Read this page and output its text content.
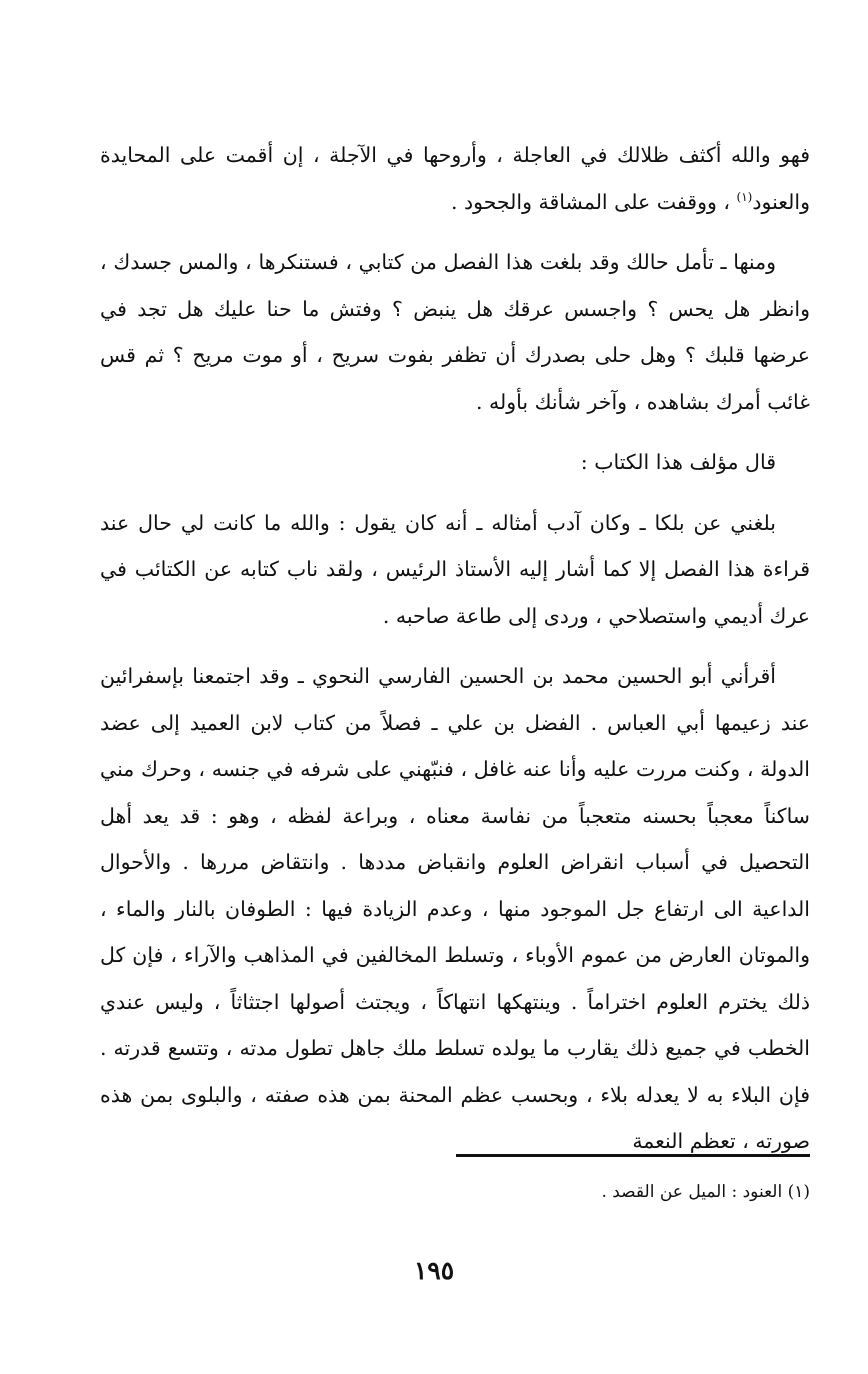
فهو والله أكثف ظلالك في العاجلة ، وأروحها في الآجلة ، إن أقمت على المحايدة والعنود$^{(١)}$ ، ووقفت على المشاقة والجحود .

ومنها ـ تأمل حالك وقد بلغت هذا الفصل من كتابي ، فستنكرها ، والمس جسدك ، وانظر هل يحس ؟ واجسس عرقك هل ينبض ؟ وفتش ما حنا عليك هل تجد في عرضها قلبك ؟ وهل حلى بصدرك أن تظفر بفوت سريح ، أو موت مريح ؟ ثم قس غائب أمرك بشاهده ، وآخر شأنك بأوله .

قال مؤلف هذا الكتاب :

بلغني عن بلكا ـ وكان آدب أمثاله ـ أنه كان يقول : والله ما كانت لي حال عند قراءة هذا الفصل إلا كما أشار إليه الأستاذ الرئيس ، ولقد ناب كتابه عن الكتائب في عرك أديمي واستصلاحي ، وردى إلى طاعة صاحبه .

أقرأني أبو الحسين محمد بن الحسين الفارسي النحوي ـ وقد اجتمعنا بإسفرائين عند زعيمها أبي العباس . الفضل بن علي ـ فصلاً من كتاب لابن العميد إلى عضد الدولة ، وكنت مررت عليه وأنا عنه غافل ، فنبّهني على شرفه في جنسه ، وحرك مني ساكناً معجباً بحسنه متعجباً من نفاسة معناه ، وبراعة لفظه ، وهو : قد يعد أهل التحصيل في أسباب انقراض العلوم وانقباض مددها . وانتقاض مررها . والأحوال الداعية الى ارتفاع جل الموجود منها ، وعدم الزيادة فيها : الطوفان بالنار والماء ، والموتان العارض من عموم الأوباء ، وتسلط المخالفين في المذاهب والآراء ، فإن كل ذلك يخترم العلوم اختراماً . وينتهكها انتهاكاً ، ويجتث أصولها اجتثاثاً ، وليس عندي الخطب في جميع ذلك يقارب ما يولده تسلط ملك جاهل تطول مدته ، وتتسع قدرته . فإن البلاء به لا يعدله بلاء ، وبحسب عظم المحنة بمن هذه صفته ، والبلوى بمن هذه صورته ، تعظم النعمة

(١) العنود : الميل عن القصد .
١٩٥
